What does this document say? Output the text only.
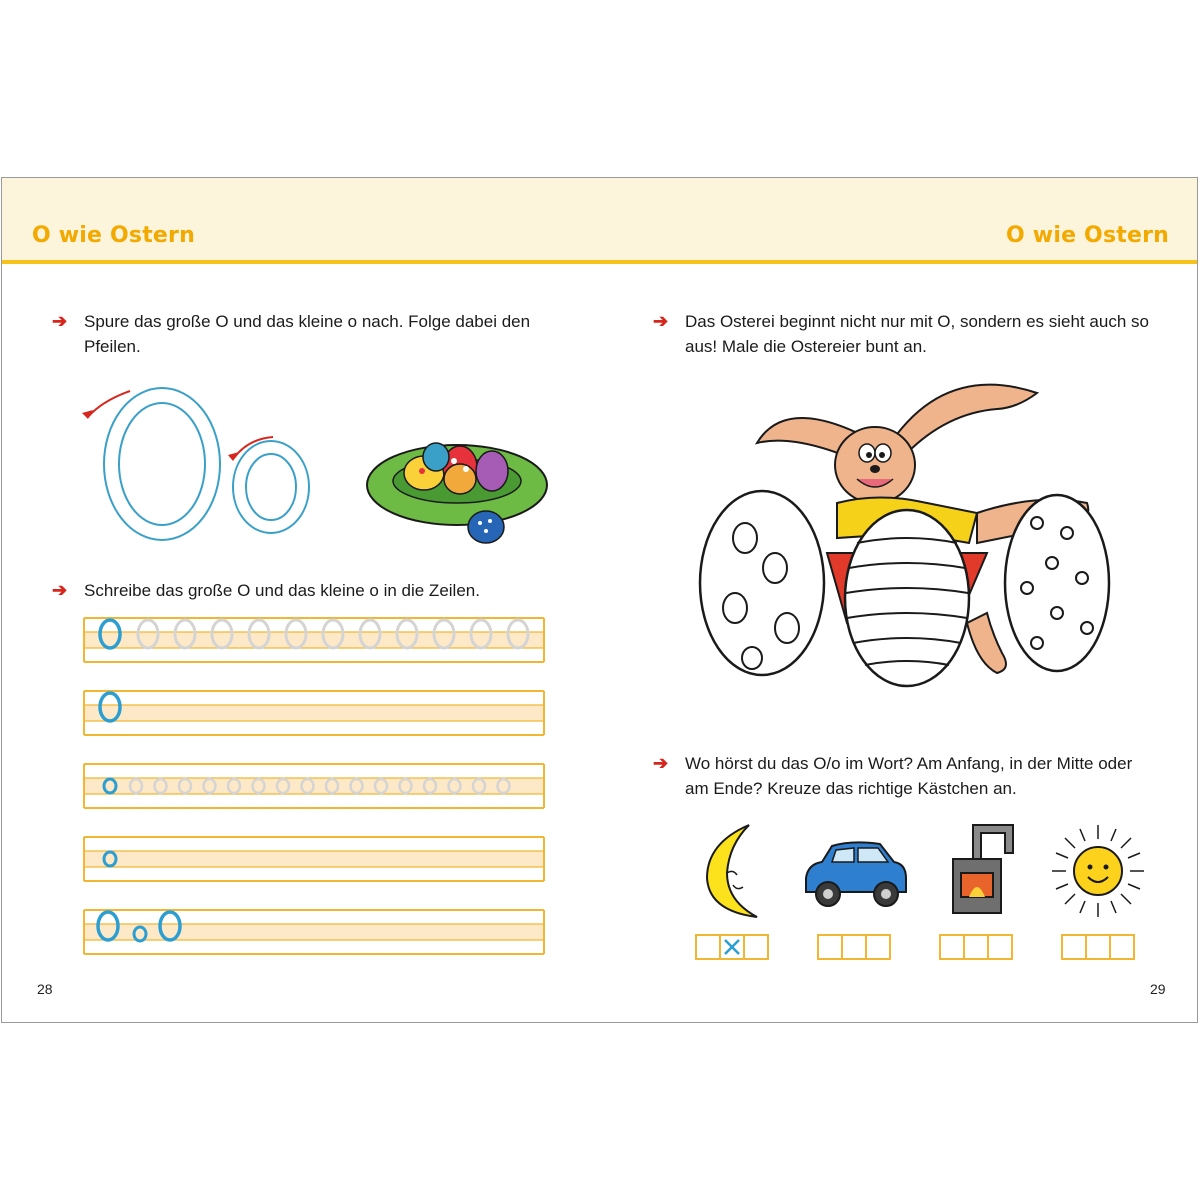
O wie Ostern	O wie Ostern
➔ Spure das große O und das kleine o nach. Folge dabei den Pfeilen.
➔ Schreibe das große O und das kleine o in die Zeilen.
28
➔ Das Osterei beginnt nicht nur mit O, sondern es sieht auch so aus! Male die Ostereier bunt an.
➔ Wo hörst du das O/o im Wort? Am Anfang, in der Mitte oder am Ende? Kreuze das richtige Kästchen an.
29
